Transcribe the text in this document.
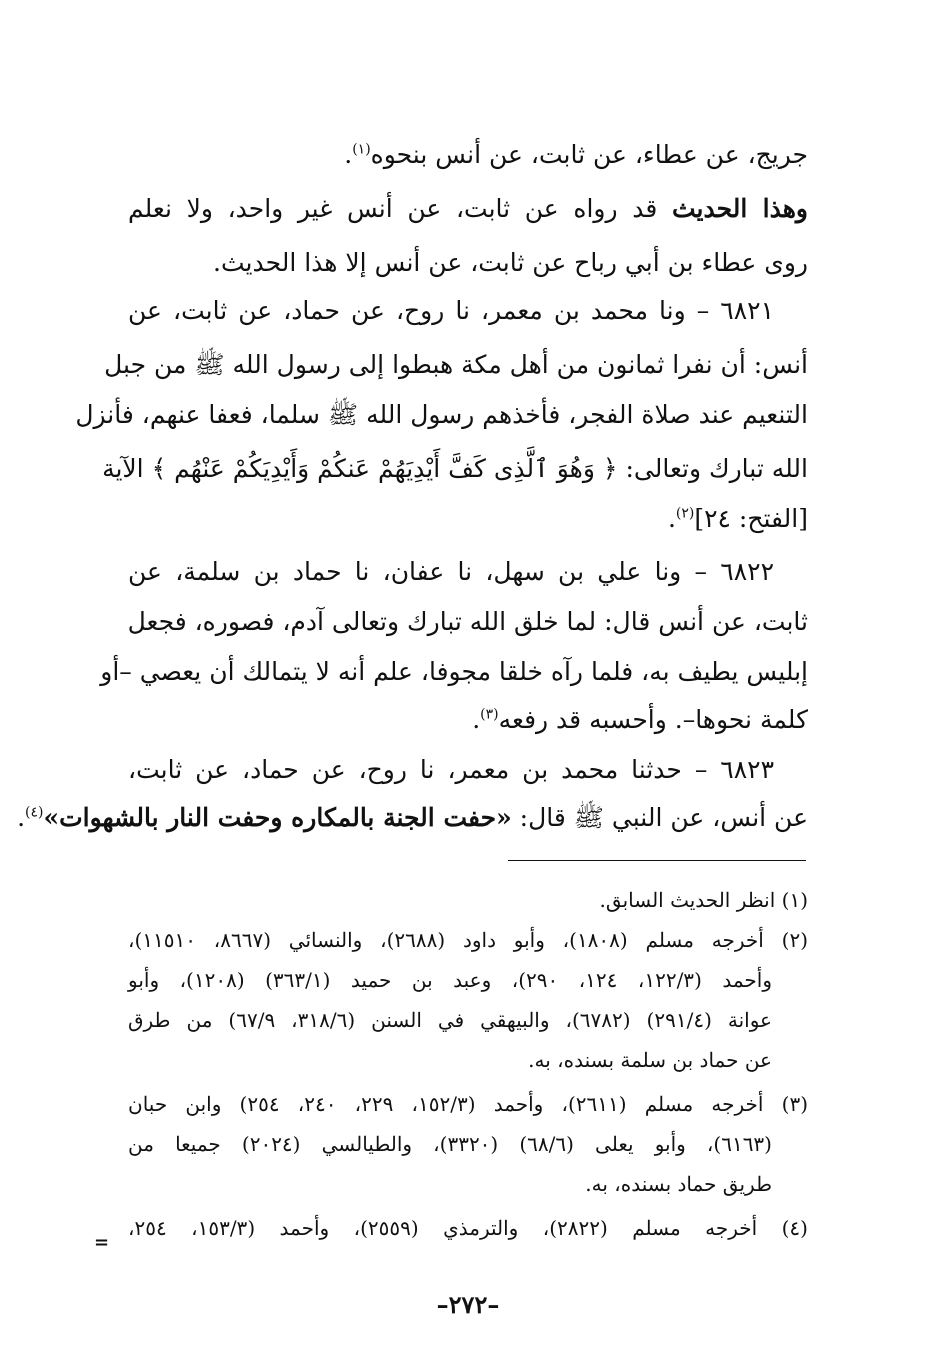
جريج، عن عطاء، عن ثابت، عن أنس بنحوه$^{(١)}$.
وهذا الحديث قد رواه عن ثابت، عن أنس غير واحد، ولا نعلم
روى عطاء بن أبي رباح عن ثابت، عن أنس إلا هذا الحديث.
٦٨٢١ – ونا محمد بن معمر، نا روح، عن حماد، عن ثابت، عن
أنس: أن نفرا ثمانون من أهل مكة هبطوا إلى رسول الله ﷺ من جبل
التنعيم عند صلاة الفجر، فأخذهم رسول الله ﷺ سلما، فعفا عنهم، فأنزل
الله تبارك وتعالى: ﴿ وَهُوَ ٱلَّذِى كَفَّ أَيْدِيَهُمْ عَنكُمْ وَأَيْدِيَكُمْ عَنْهُم ﴾ الآية
[الفتح: ٢٤]$^{(٢)}$.
٦٨٢٢ – ونا علي بن سهل، نا عفان، نا حماد بن سلمة، عن
ثابت، عن أنس قال: لما خلق الله تبارك وتعالى آدم، فصوره، فجعل
إبليس يطيف به، فلما رآه خلقا مجوفا، علم أنه لا يتمالك أن يعصي –أو
كلمة نحوها–. وأحسبه قد رفعه$^{(٣)}$.
٦٨٢٣ – حدثنا محمد بن معمر، نا روح، عن حماد، عن ثابت،
عن أنس، عن النبي ﷺ قال: «حفت الجنة بالمكاره وحفت النار بالشهوات»$^{(٤)}$.
(١) انظر الحديث السابق.
(٢) أخرجه مسلم (١٨٠٨)، وأبو داود (٢٦٨٨)، والنسائي (٨٦٦٧، ١١٥١٠)،
وأحمد (١٢٢/٣، ١٢٤، ٢٩٠)، وعبد بن حميد (٣٦٣/١) (١٢٠٨)، وأبو
عوانة (٢٩١/٤) (٦٧٨٢)، والبيهقي في السنن (٣١٨/٦، ٦٧/٩) من طرق
عن حماد بن سلمة بسنده، به.
(٣) أخرجه مسلم (٢٦١١)، وأحمد (١٥٢/٣، ٢٢٩، ٢٤٠، ٢٥٤) وابن حبان
(٦١٦٣)، وأبو يعلى (٦٨/٦) (٣٣٢٠)، والطيالسي (٢٠٢٤) جميعا من
طريق حماد بسنده، به.
(٤) أخرجه مسلم (٢٨٢٢)، والترمذي (٢٥٥٩)، وأحمد (١٥٣/٣، ٢٥٤،
=
–٢٧٢–
